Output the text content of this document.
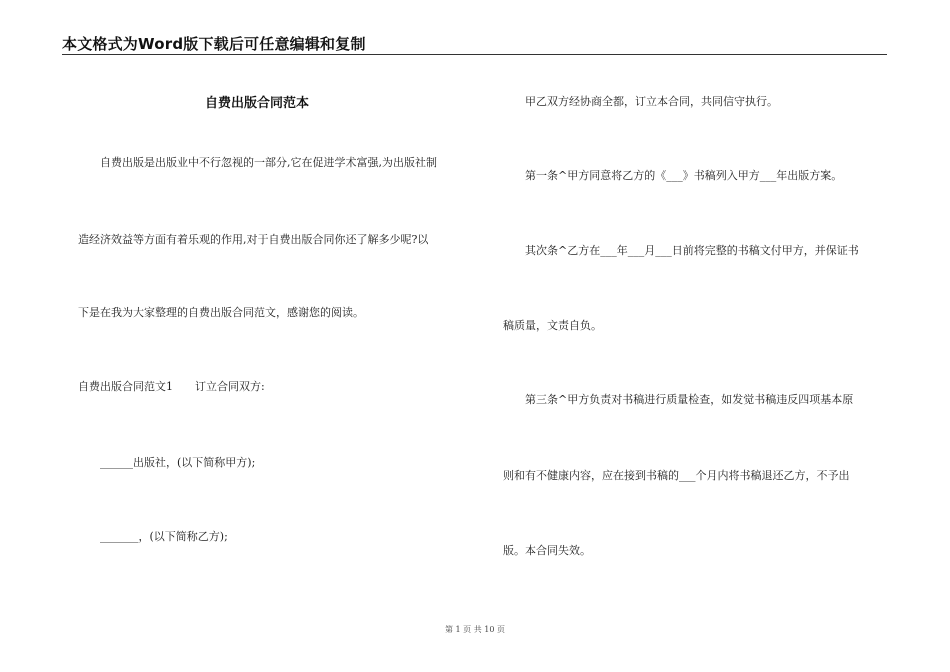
本文格式为Word版下载后可任意编辑和复制
自费出版合同范本
自费出版是出版业中不行忽视的一部分,它在促进学术富强,为出版社制
造经济效益等方面有着乐观的作用,对于自费出版合同你还了解多少呢?以
下是在我为大家整理的自费出版合同范文，感谢您的阅读。
自费出版合同范文1　　订立合同双方:
______出版社，(以下简称甲方);
_______，(以下简称乙方);
甲乙双方经协商全都，订立本合同，共同信守执行。
第一条^甲方同意将乙方的《___》书稿列入甲方___年出版方案。
其次条^乙方在___年___月___日前将完整的书稿文付甲方，并保证书
稿质量，文责自负。
第三条^甲方负责对书稿进行质量检查，如发觉书稿违反四项基本原
则和有不健康内容，应在接到书稿的___个月内将书稿退还乙方，不予出
版。本合同失效。
第 1 页 共 10 页
